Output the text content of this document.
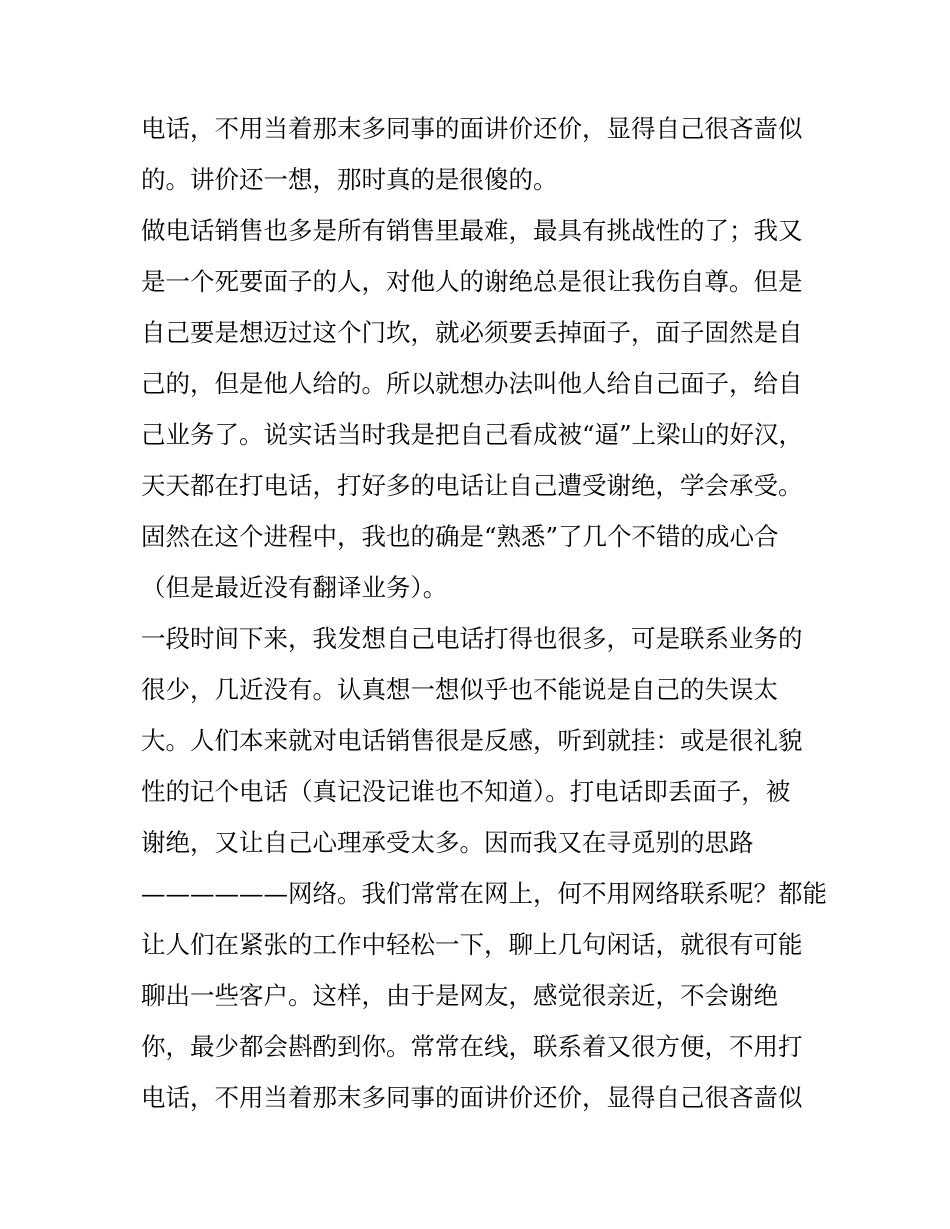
电话，不用当着那末多同事的面讲价还价，显得自己很吝啬似
的。讲价还一想，那时真的是很傻的。
做电话销售也多是所有销售里最难，最具有挑战性的了；我又
是一个死要面子的人，对他人的谢绝总是很让我伤自尊。但是
自己要是想迈过这个门坎，就必须要丢掉面子，面子固然是自
己的，但是他人给的。所以就想办法叫他人给自己面子，给自
己业务了。说实话当时我是把自己看成被“逼”上梁山的好汉，
天天都在打电话，打好多的电话让自己遭受谢绝，学会承受。
固然在这个进程中，我也的确是“熟悉”了几个不错的成心合
（但是最近没有翻译业务）。
一段时间下来，我发想自己电话打得也很多，可是联系业务的
很少，几近没有。认真想一想似乎也不能说是自己的失误太
大。人们本来就对电话销售很是反感，听到就挂：或是很礼貌
性的记个电话（真记没记谁也不知道）。打电话即丢面子，被
谢绝，又让自己心理承受太多。因而我又在寻觅别的思路
——————网络。我们常常在网上，何不用网络联系呢？都能
让人们在紧张的工作中轻松一下，聊上几句闲话，就很有可能
聊出一些客户。这样，由于是网友，感觉很亲近，不会谢绝
你，最少都会斟酌到你。常常在线，联系着又很方便，不用打
电话，不用当着那末多同事的面讲价还价，显得自己很吝啬似
